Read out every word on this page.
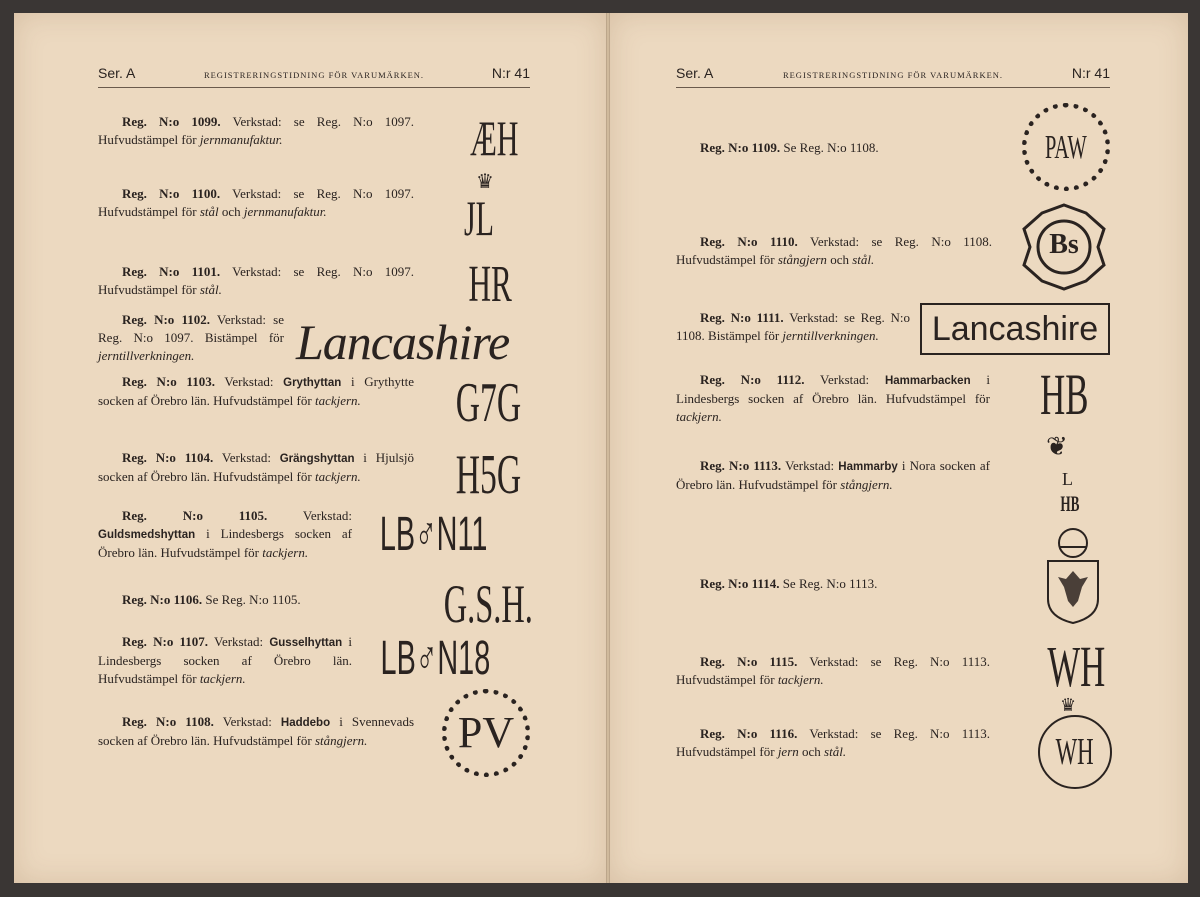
Ser. A	REGISTRERINGSTIDNING FÖR VARUMÄRKEN.	N:r 41
Reg. N:o 1099. Verkstad: se Reg. N:o 1097. Hufvudstämpel för jernmanufaktur.	ÆH
Reg. N:o 1100. Verkstad: se Reg. N:o 1097. Hufvudstämpel för stål och jernmanufaktur.
♛
JL
Reg. N:o 1101. Verkstad: se Reg. N:o 1097. Hufvudstämpel för stål.	HR
Reg. N:o 1102. Verkstad: se Reg. N:o 1097. Bistämpel för jerntillverkningen.	Lancashire
Reg. N:o 1103. Verkstad: Grythyttan i Grythytte socken af Örebro län. Hufvudstämpel för tackjern.	G7G
Reg. N:o 1104. Verkstad: Grängshyttan i Hjulsjö socken af Örebro län. Hufvudstämpel för tackjern.	H5G
Reg. N:o 1105.	Verkstad: Guldsmedshyttan i Lindesbergs socken af Örebro län. Hufvudstämpel för tackjern.	LB♂N11
Reg. N:o 1106. Se Reg. N:o 1105.	G.S.H.
Reg. N:o 1107. Verkstad: Gusselhyttan i Lindesbergs socken af Örebro län. Hufvudstämpel för tackjern.	LB♂N18
Reg. N:o 1108. Verkstad: Haddebo i Svennevads socken af Örebro län. Hufvudstämpel för stångjern.	PV
Ser. A	REGISTRERINGSTIDNING FÖR VARUMÄRKEN.	N:r 41
Reg. N:o 1109. Se Reg. N:o 1108.	PAW
Reg. N:o 1110. Verkstad: se Reg. N:o 1108. Hufvudstämpel för stångjern och stål.	Bs
Reg. N:o 1111. Verkstad: se Reg. N:o 1108. Bistämpel för jerntillverkningen.	Lancashire
Reg. N:o 1112. Verkstad: Hammarbacken i Lindesbergs socken af Örebro län. Hufvudstämpel för tackjern.	HB
Reg. N:o 1113. Verkstad: Hammarby i Nora socken af Örebro län. Hufvudstämpel för stångjern.
❦
L
HB
Reg. N:o 1114. Se Reg. N:o 1113.
Reg. N:o 1115. Verkstad: se Reg. N:o 1113. Hufvudstämpel för tackjern.	WH
Reg. N:o 1116. Verkstad: se Reg. N:o 1113. Hufvudstämpel för jern och stål.
♛
WH
